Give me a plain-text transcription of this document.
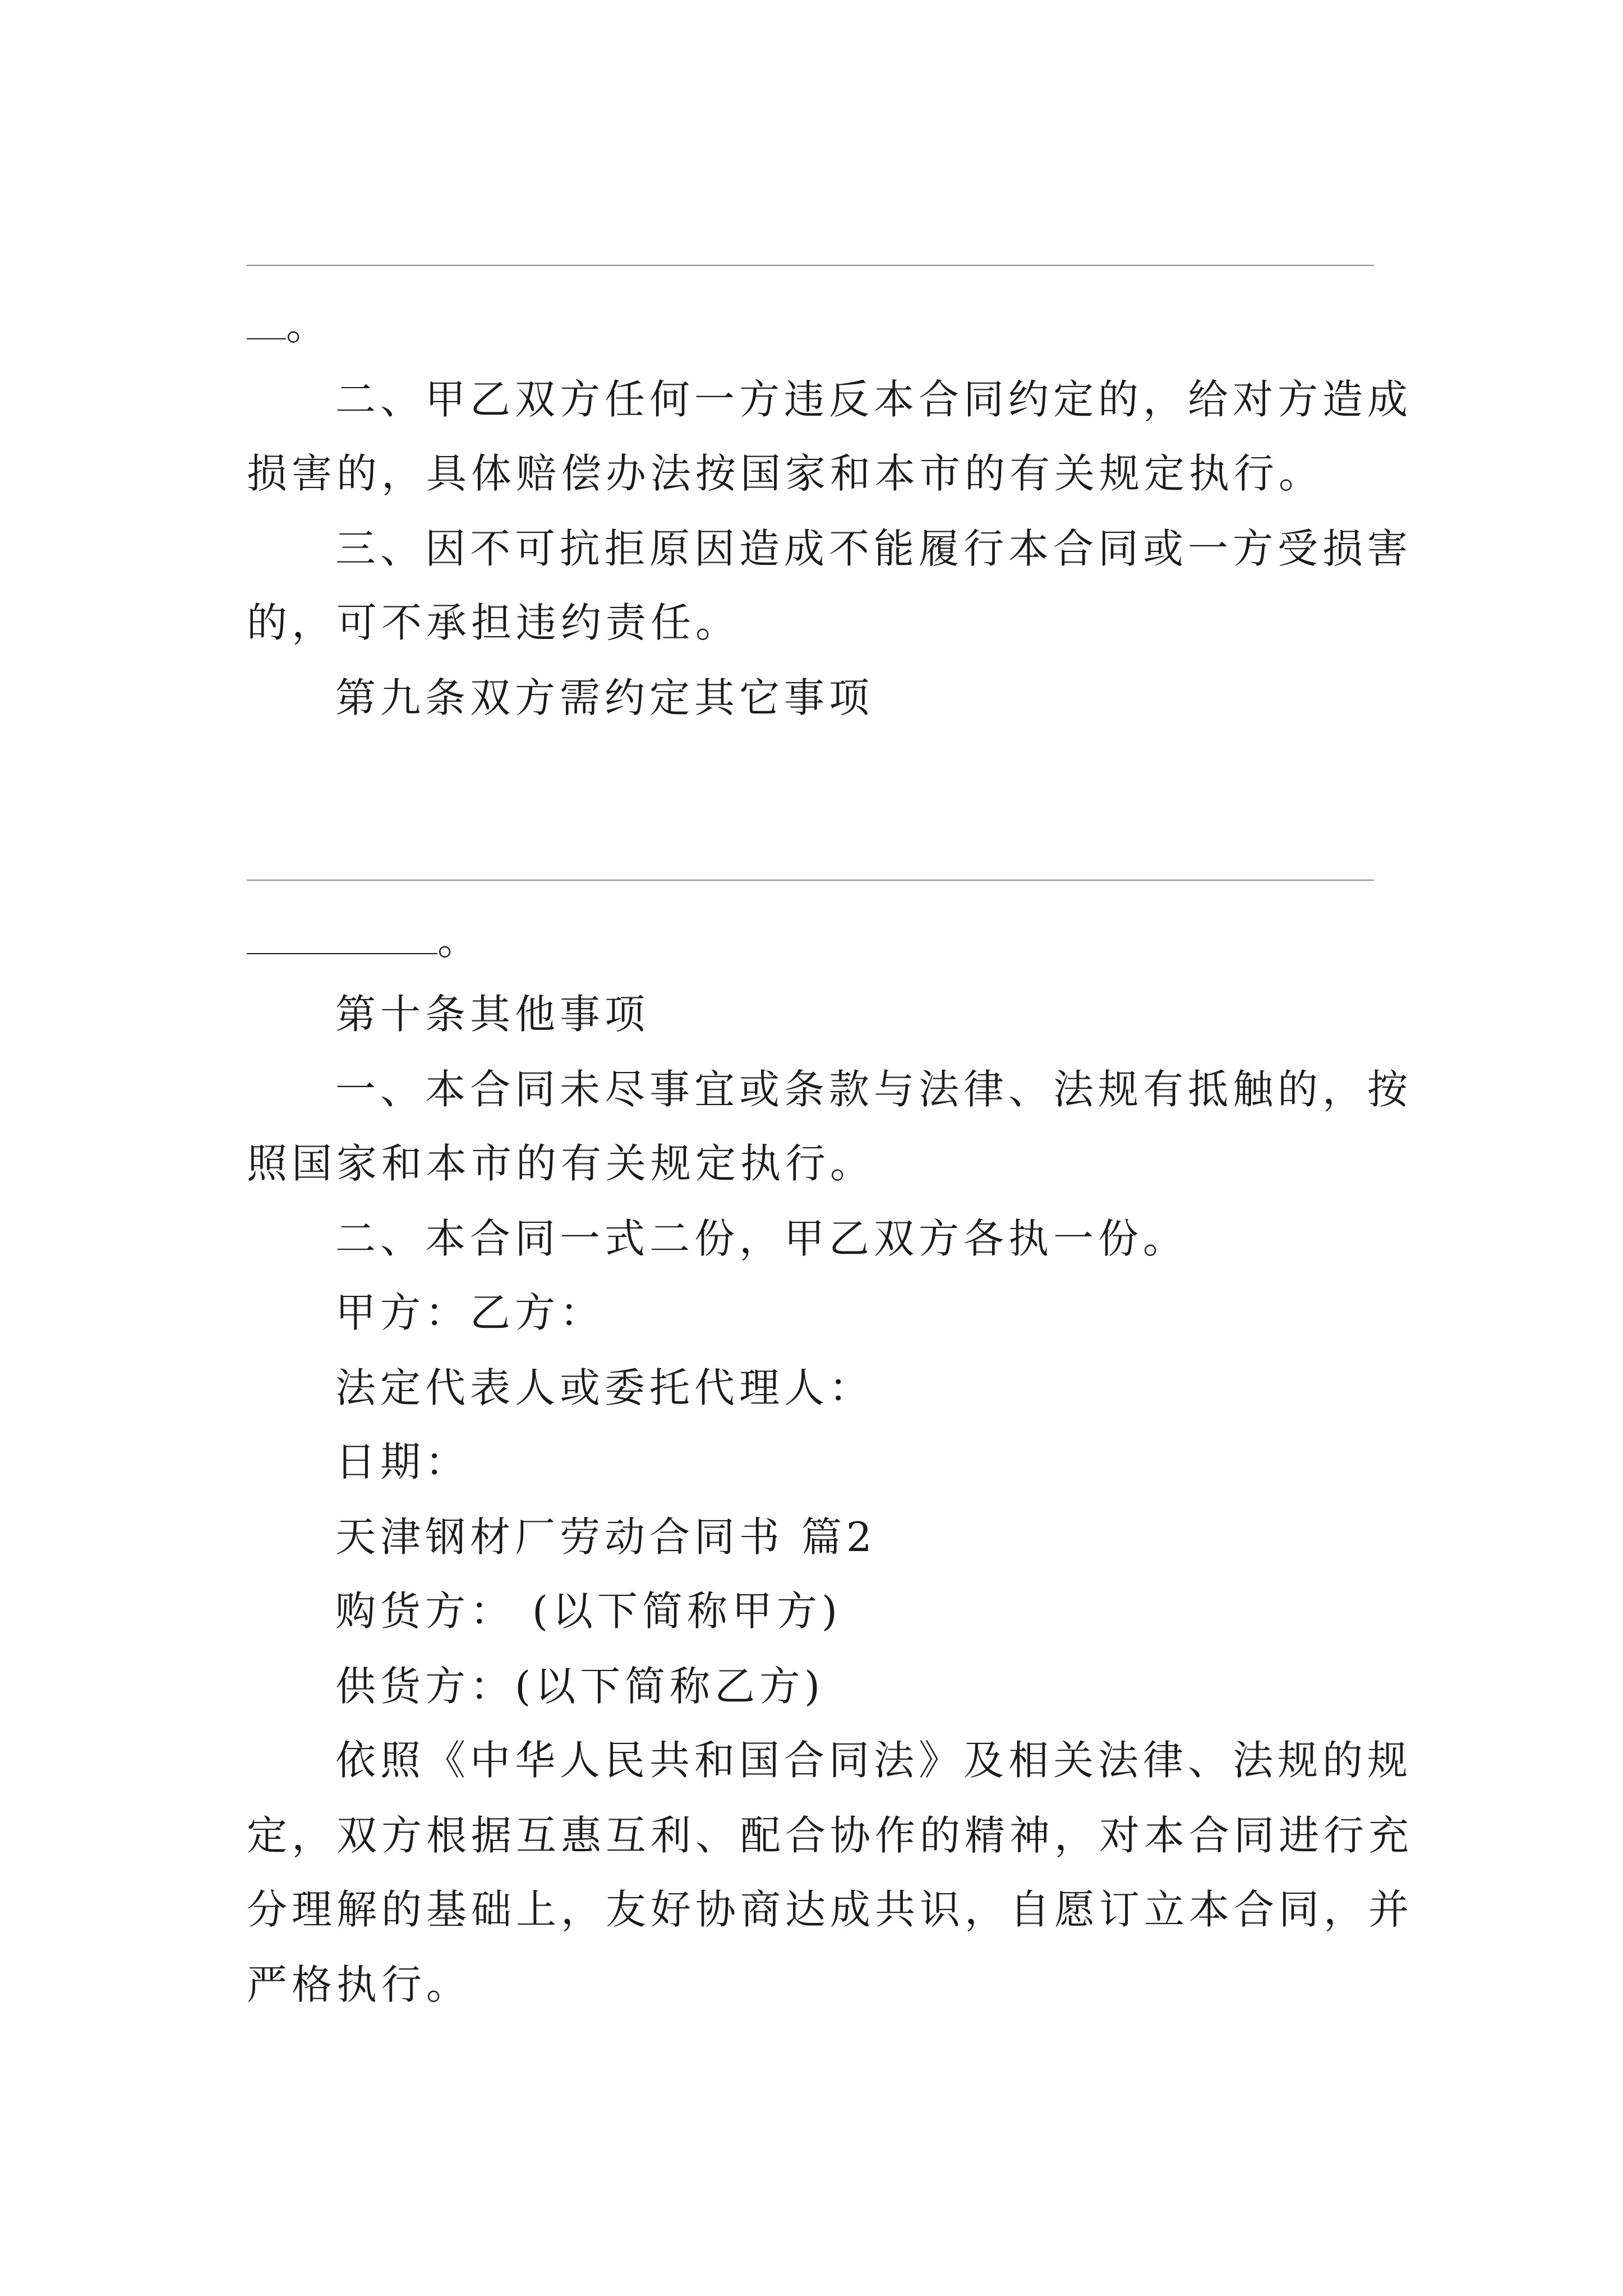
。
二、甲乙双方任何一方违反本合同约定的，给对方造成
损害的，具体赔偿办法按国家和本市的有关规定执行。
三、因不可抗拒原因造成不能履行本合同或一方受损害
的，可不承担违约责任。
第九条双方需约定其它事项
。
第十条其他事项
一、本合同未尽事宜或条款与法律、法规有抵触的，按
照国家和本市的有关规定执行。
二、本合同一式二份，甲乙双方各执一份。
甲方：乙方：
法定代表人或委托代理人：
日期：
天津钢材厂劳动合同书 篇2
购货方： (以下简称甲方)
供货方：(以下简称乙方)
依照《中华人民共和国合同法》及相关法律、法规的规
定，双方根据互惠互利、配合协作的精神，对本合同进行充
分理解的基础上，友好协商达成共识，自愿订立本合同，并
严格执行。
